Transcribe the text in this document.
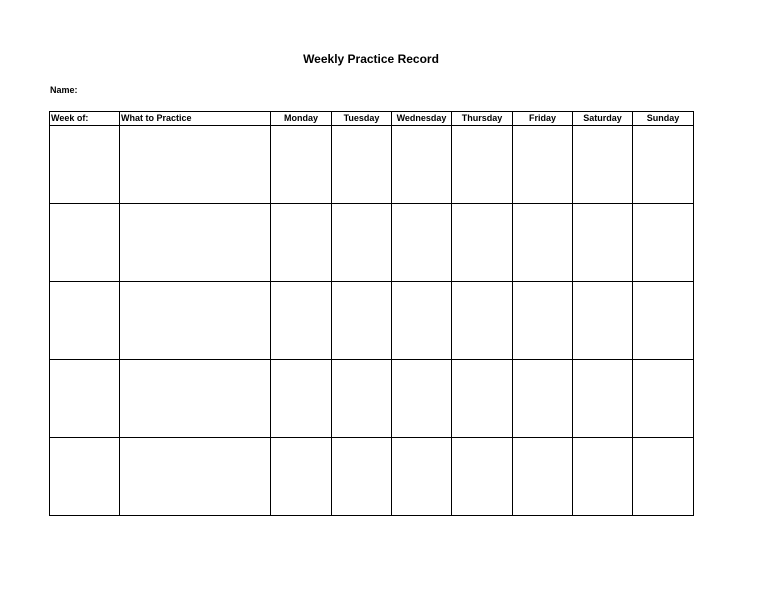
Weekly Practice Record
Name:
Week of:	What to Practice	Monday	Tuesday	Wednesday	Thursday	Friday	Saturday	Sunday
